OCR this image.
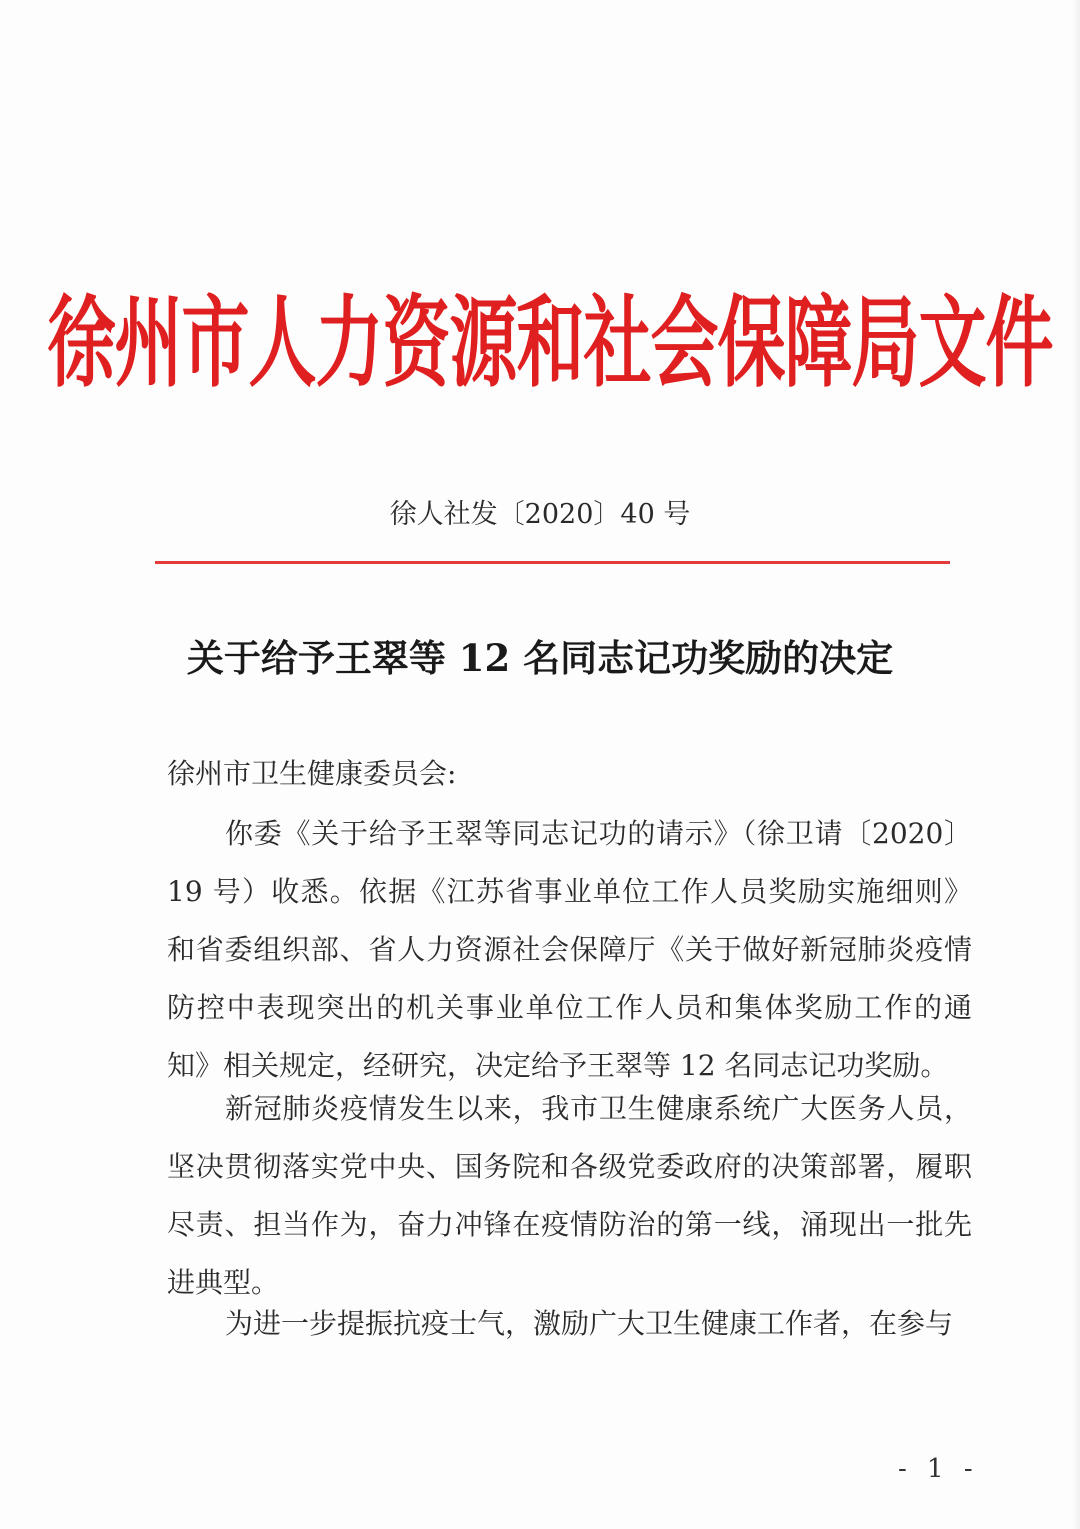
徐州市人力资源和社会保障局文件
徐人社发〔2020〕40 号
关于给予王翠等 12 名同志记功奖励的决定
徐州市卫生健康委员会:
你委《关于给予王翠等同志记功的请示》（徐卫请〔2020〕
19 号）收悉。依据《江苏省事业单位工作人员奖励实施细则》
和省委组织部、省人力资源社会保障厅《关于做好新冠肺炎疫情
防控中表现突出的机关事业单位工作人员和集体奖励工作的通
知》相关规定，经研究，决定给予王翠等 12 名同志记功奖励。
新冠肺炎疫情发生以来，我市卫生健康系统广大医务人员，
坚决贯彻落实党中央、国务院和各级党委政府的决策部署，履职
尽责、担当作为，奋力冲锋在疫情防治的第一线，涌现出一批先
进典型。
为进一步提振抗疫士气，激励广大卫生健康工作者，在参与
- 1 -
